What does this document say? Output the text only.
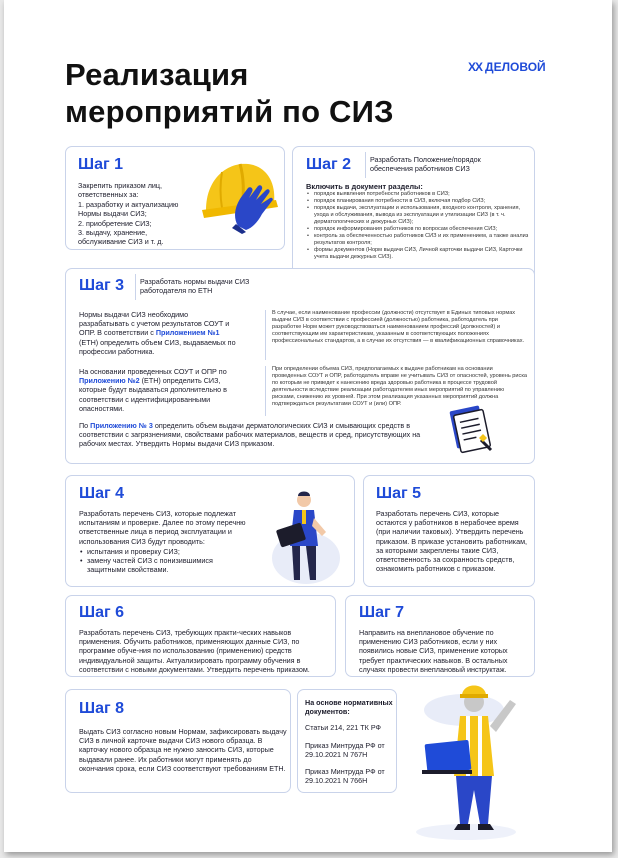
Реализация
мероприятий по СИЗ
XX ДЕЛОВОЙ
Шаг 1
Закрепить приказом лиц, ответственных за:
1. разработку и актуализацию Нормы выдачи СИЗ;
2. приобретение СИЗ;
3. выдачу, хранение, обслуживание СИЗ и т. д.
Шаг 2	Разработать Положение/порядок обеспечения работников СИЗ
Включить в документ разделы:
• порядок выявления потребности работников в СИЗ;
• порядок планирования потребности в СИЗ, включая подбор СИЗ;
• порядок выдачи, эксплуатации и использования, входного контроля, хранения, ухода и обслуживания, вывода из эксплуатации и утилизации СИЗ (в т. ч. дерматологических и дежурных СИЗ);
• порядок информирования работников по вопросам обеспечения СИЗ;
• контроль за обеспеченностью работников СИЗ и их применением, а также анализ результатов контроля;
• формы документов (Норм выдачи СИЗ, Личной карточки выдачи СИЗ, Карточки учета выдачи дежурных СИЗ).
Шаг 3 Разработать нормы выдачи СИЗ работодателя по ЕТН
Нормы выдачи СИЗ необходимо разрабатывать с учетом результатов СОУТ и ОПР. В соответствии с Приложением №1 (ЕТН) определить объем СИЗ, выдаваемых по профессии работника.
В случае, если наименование профессии (должности) отсутствует в Единых типовых нормах выдачи СИЗ в соответствии с профессией (должностью) работника, работодатель при разработке Норм может руководствоваться наименованием профессий (должностей) и соответствующим им характеристикам, указанным в соответствующих положениях профессиональных стандартов, а в случае их отсутствия — в квалификационных справочниках.
На основании проведенных СОУТ и ОПР по Приложению №2 (ЕТН) определить СИЗ, которые будут выдаваться дополнительно в соответствии с идентифицированными опасностями.
При определении объема СИЗ, предполагаемых к выдаче работникам на основании проведенных СОУТ и ОПР, работодатель вправе не учитывать СИЗ от опасностей, уровень риска по которым не приведет к нанесению вреда здоровью работника в процессе трудовой деятельности вследствие реализации работодателем иных мероприятий по управлению рисками, снижению их уровней. При этом реализация указанных мероприятий должна подтверждаться результатами СОУТ и (или) ОПР.
По Приложению № 3 определить объем выдачи дерматологических СИЗ и смывающих средств в соответствии с загрязнениями, свойствами рабочих материалов, веществ и сред, присутствующих на рабочих местах. Утвердить Нормы выдачи СИЗ приказом.
Шаг 4
Разработать перечень СИЗ, которые подлежат испытаниям и проверке. Далее по этому перечню ответственные лица в период эксплуатации и использования СИЗ будут проводить:
• испытания и проверку СИЗ;
• замену частей СИЗ с понизившимися защитными свойствами.
Шаг 5
Разработать перечень СИЗ, которые остаются у работников в нерабочее время (при наличии таковых). Утвердить перечень приказом. В приказе установить работникам, за которыми закреплены такие СИЗ, ответственность за сохранность средств, ознакомить работников с приказом.
Шаг 6
Разработать перечень СИЗ, требующих практи-ческих навыков применения. Обучить работников, применяющих данные СИЗ, по программе обуче-ния по использованию (применению) средств индивидуальной защиты. Актуализировать программу обучения в соответствии с новыми документами. Утвердить перечень приказом.
Шаг 7
Направить на внеплановое обучение по применению СИЗ работников, если у них появились новые СИЗ, применение которых требует практических навыков. В остальных случаях провести внеплановый инструктаж.
Шаг 8
Выдать СИЗ согласно новым Нормам, зафиксировать выдачу СИЗ в личной карточке выдачи СИЗ нового образца. В карточку нового образца не нужно заносить СИЗ, которые выдавали ранее. Их работники могут применять до окончания срока, если СИЗ соответствуют требованиям ЕТН.
На основе нормативных документов:
Статьи 214, 221 ТК РФ
Приказ Минтруда РФ от 29.10.2021 N 767Н
Приказ Минтруда РФ от 29.10.2021 N 766Н
